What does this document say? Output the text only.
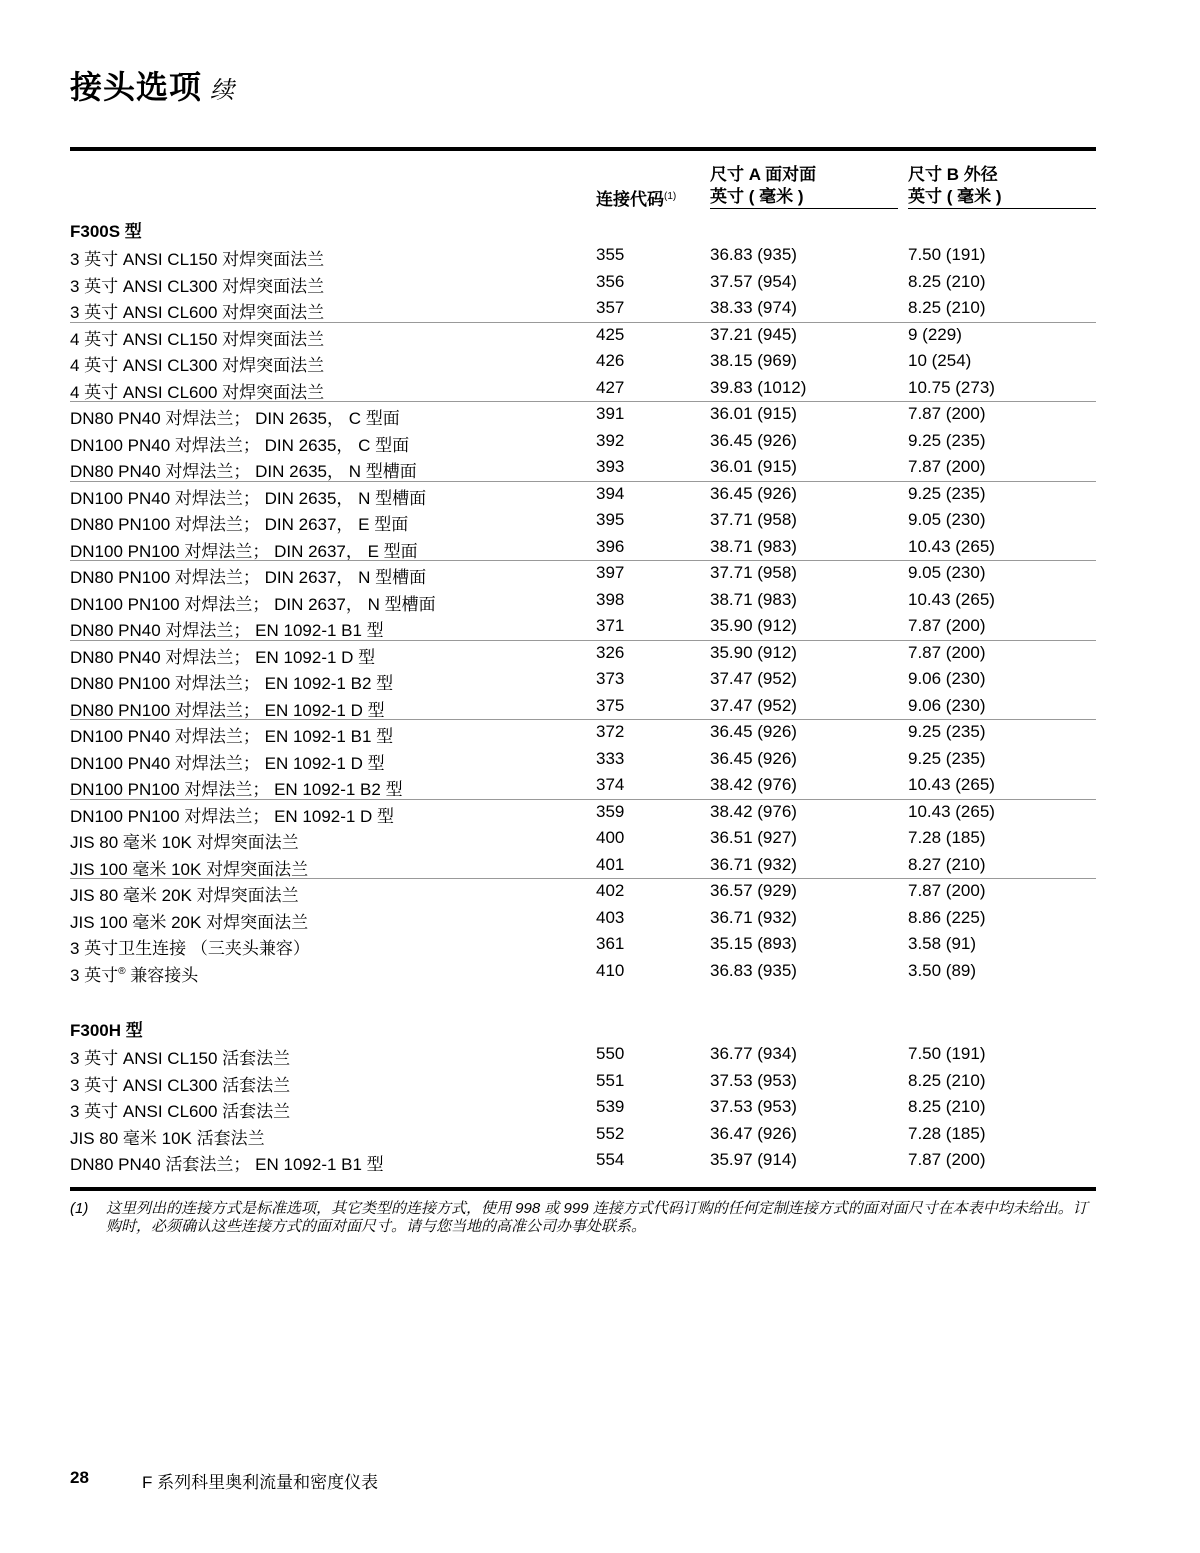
接头选项 续
连接代码$^{(1)}$
尺寸 A 面对面
英寸 ( 毫米 )
尺寸 B 外径
英寸 ( 毫米 )
F300S 型
3 英寸 ANSI CL150 对焊突面法兰	355	36.83 (935)	7.50 (191)
3 英寸 ANSI CL300 对焊突面法兰	356	37.57 (954)	8.25 (210)
3 英寸 ANSI CL600 对焊突面法兰	357	38.33 (974)	8.25 (210)
4 英寸 ANSI CL150 对焊突面法兰	425	37.21 (945)	9 (229)
4 英寸 ANSI CL300 对焊突面法兰	426	38.15 (969)	10 (254)
4 英寸 ANSI CL600 对焊突面法兰	427	39.83 (1012)	10.75 (273)
DN80 PN40 对焊法兰； DIN 2635， C 型面	391	36.01 (915)	7.87 (200)
DN100 PN40 对焊法兰； DIN 2635， C 型面	392	36.45 (926)	9.25 (235)
DN80 PN40 对焊法兰； DIN 2635， N 型槽面	393	36.01 (915)	7.87 (200)
DN100 PN40 对焊法兰； DIN 2635， N 型槽面	394	36.45 (926)	9.25 (235)
DN80 PN100 对焊法兰； DIN 2637， E 型面	395	37.71 (958)	9.05 (230)
DN100 PN100 对焊法兰； DIN 2637， E 型面	396	38.71 (983)	10.43 (265)
DN80 PN100 对焊法兰； DIN 2637， N 型槽面	397	37.71 (958)	9.05 (230)
DN100 PN100 对焊法兰； DIN 2637， N 型槽面	398	38.71 (983)	10.43 (265)
DN80 PN40 对焊法兰； EN 1092-1 B1 型	371	35.90 (912)	7.87 (200)
DN80 PN40 对焊法兰； EN 1092-1 D 型	326	35.90 (912)	7.87 (200)
DN80 PN100 对焊法兰； EN 1092-1 B2 型	373	37.47 (952)	9.06 (230)
DN80 PN100 对焊法兰； EN 1092-1 D 型	375	37.47 (952)	9.06 (230)
DN100 PN40 对焊法兰； EN 1092-1 B1 型	372	36.45 (926)	9.25 (235)
DN100 PN40 对焊法兰； EN 1092-1 D 型	333	36.45 (926)	9.25 (235)
DN100 PN100 对焊法兰； EN 1092-1 B2 型	374	38.42 (976)	10.43 (265)
DN100 PN100 对焊法兰； EN 1092-1 D 型	359	38.42 (976)	10.43 (265)
JIS 80 毫米 10K 对焊突面法兰	400	36.51 (927)	7.28 (185)
JIS 100 毫米 10K 对焊突面法兰	401	36.71 (932)	8.27 (210)
JIS 80 毫米 20K 对焊突面法兰	402	36.57 (929)	7.87 (200)
JIS 100 毫米 20K 对焊突面法兰	403	36.71 (932)	8.86 (225)
3 英寸卫生连接 （三夹头兼容）	361	35.15 (893)	3.58 (91)
3 英寸® 兼容接头	410	36.83 (935)	3.50 (89)
F300H 型
3 英寸 ANSI CL150 活套法兰	550	36.77 (934)	7.50 (191)
3 英寸 ANSI CL300 活套法兰	551	37.53 (953)	8.25 (210)
3 英寸 ANSI CL600 活套法兰	539	37.53 (953)	8.25 (210)
JIS 80 毫米 10K 活套法兰	552	36.47 (926)	7.28 (185)
DN80 PN40 活套法兰； EN 1092-1 B1 型	554	35.97 (914)	7.87 (200)
(1) 这里列出的连接方式是标准选项，其它类型的连接方式，使用 998 或 999 连接方式代码订购的任何定制连接方式的面对面尺寸在本表中均未给出。订购时，必须确认这些连接方式的面对面尺寸。请与您当地的高准公司办事处联系。
28	F 系列科里奥利流量和密度仪表
